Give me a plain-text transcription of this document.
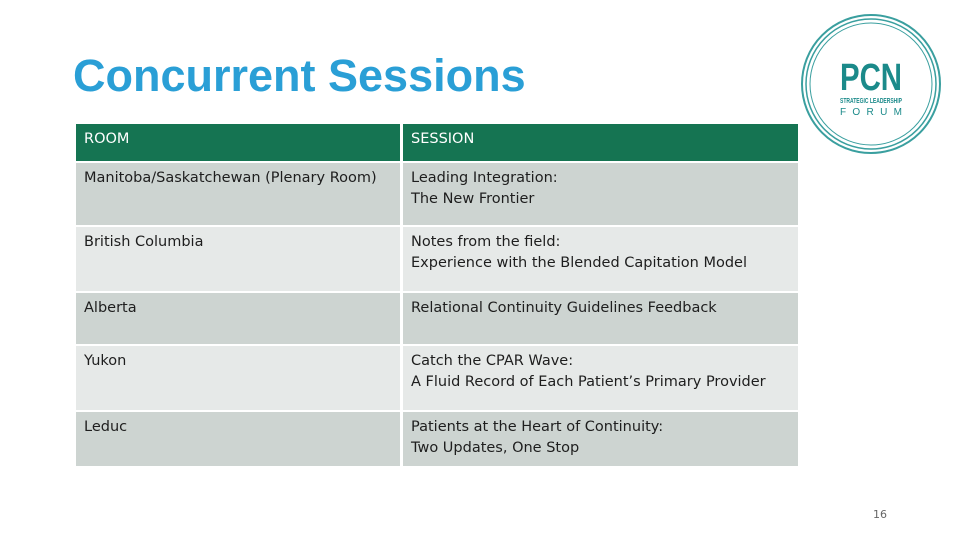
Concurrent Sessions	PCN
STRATEGIC LEADERSHIP
F O R U M
ROOM	SESSION
Manitoba/Saskatchewan (Plenary Room)	Leading Integration:
The New Frontier

British Columbia	Notes from the field:
Experience with the Blended Capitation Model

Alberta	Relational Continuity Guidelines Feedback

Yukon	Catch the CPAR Wave:
A Fluid Record of Each Patient’s Primary Provider

Leduc	Patients at the Heart of Continuity:
Two Updates, One Stop
16
